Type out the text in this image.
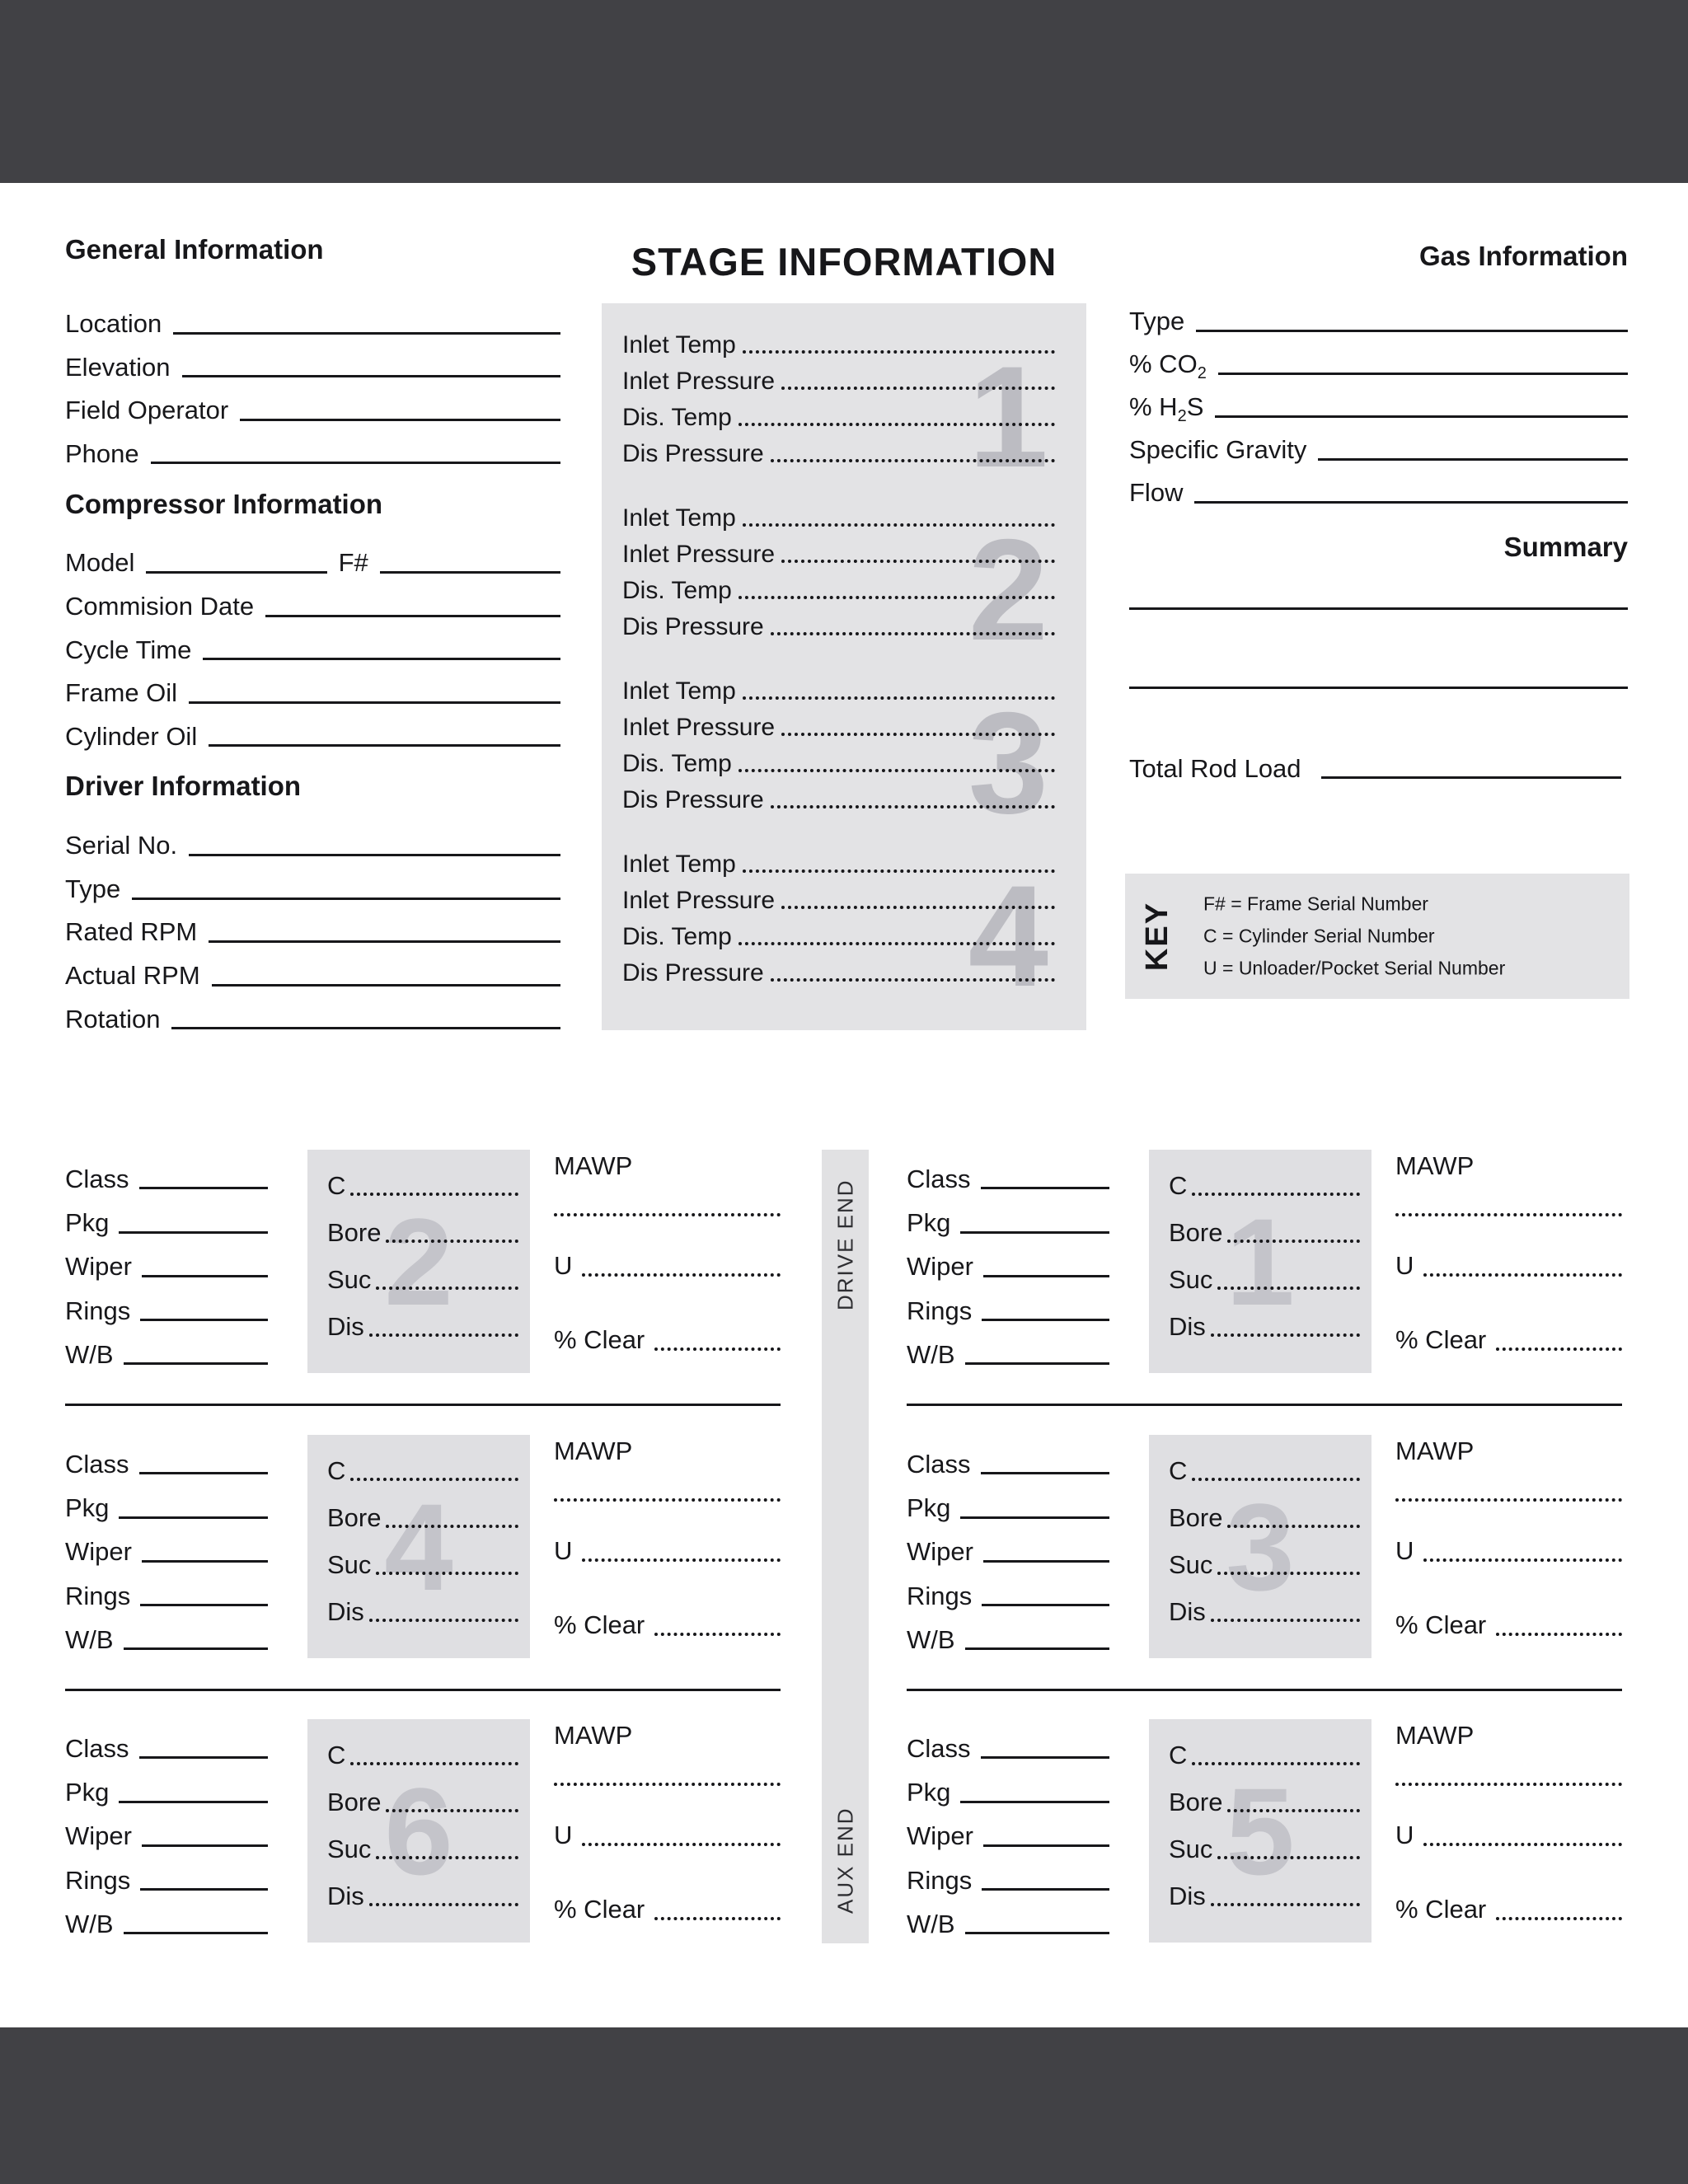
General Information
Location
Elevation
Field Operator
Phone
Compressor Information
Model	F#
Commision Date
Cycle Time
Frame Oil
Cylinder Oil
Driver Information
Serial No.
Type
Rated RPM
Actual RPM
Rotation
STAGE INFORMATION
Inlet Temp
Inlet Pressure
Dis. Temp
Dis Pressure 1
Inlet Temp
Inlet Pressure
Dis. Temp
Dis Pressure 2
Inlet Temp
Inlet Pressure
Dis. Temp
Dis Pressure 3
Inlet Temp
Inlet Pressure
Dis. Temp
Dis Pressure 4
Gas Information
Type
% $CO_2$
% $H_2S$
Specific Gravity
Flow
Summary
Total Rod Load
KEY F# = Frame Serial Number
C = Cylinder Serial Number
U = Unloader/Pocket Serial Number
Class
Pkg
Wiper
Rings
W/B
2
C
Bore
Suc
Dis
MAWP
U
% Clear
Class
Pkg
Wiper
Rings
W/B
4
C
Bore
Suc
Dis
MAWP
U
% Clear
Class
Pkg
Wiper
Rings
W/B
6
C
Bore
Suc
Dis
MAWP
U
% Clear
DRIVE END
AUX END
Class
Pkg
Wiper
Rings
W/B
1
C
Bore
Suc
Dis
MAWP
U
% Clear
Class
Pkg
Wiper
Rings
W/B
3
C
Bore
Suc
Dis
MAWP
U
% Clear
Class
Pkg
Wiper
Rings
W/B
5
C
Bore
Suc
Dis
MAWP
U
% Clear
